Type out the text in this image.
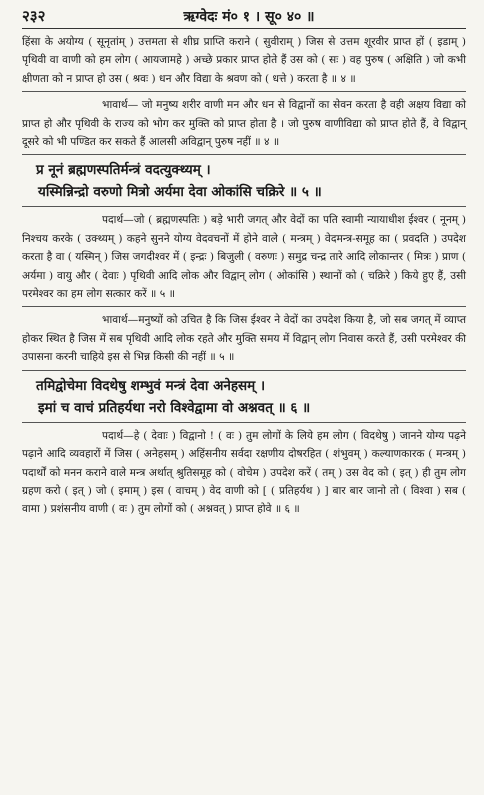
२३२	ऋग्वेदः मं० १ । सू० ४० ॥

हिंसा के अयोग्य ( सूनृतांम् ) उत्तमता से शीघ्र प्राप्ति कराने ( सुवीराम् ) जिस से उत्तम शूरवीर प्राप्त हों ( इडाम् ) पृथिवी वा वाणी को हम लोग ( आयजामहे ) अच्छे प्रकार प्राप्त होते हैं उस को ( सः ) वह पुरुष ( अक्षिति ) जो कभी क्षीणता को न प्राप्त हो उस ( श्रवः ) धन और विद्या के श्रवण को ( धत्ते ) करता है ॥ ४ ॥

भावार्थ— जो मनुष्य शरीर वाणी मन और धन से विद्वानों का सेवन करता है वही अक्षय विद्या को प्राप्त हो और पृथिवी के राज्य को भोग कर मुक्ति को प्राप्त होता है । जो पुरुष वाणीविद्या को प्राप्त होते हैं, वे विद्वान् दूसरे को भी पण्डित कर सकते हैं आलसी अविद्वान् पुरुष नहीं ॥ ४ ॥

प्र नूनं ब्रह्मणस्पतिर्मन्त्रं वदत्युक्थ्यम् ।

यस्मिन्निन्द्रो वरुणो मित्रो अर्यमा देवा ओकांसि चक्रिरे ॥ ५ ॥

पदार्थ—जो ( ब्रह्मणस्पतिः ) बड़े भारी जगत् और वेदों का पति स्वामी न्यायाधीश ईश्वर ( नूनम् ) निश्चय करके ( उक्थ्यम् ) कहने सुनने योग्य वेदवचनों में होने वाले ( मन्त्रम् ) वेदमन्त्र-समूह का ( प्रवदति ) उपदेश करता है वा ( यस्मिन् ) जिस जगदीश्वर में ( इन्द्रः ) बिजुली ( वरुणः ) समुद्र चन्द्र तारे आदि लोकान्तर ( मित्रः ) प्राण ( अर्यमा ) वायु और ( देवाः ) पृथिवी आदि लोक और विद्वान् लोग ( ओकांसि ) स्थानों को ( चक्रिरे ) किये हुए हैं, उसी परमेश्वर का हम लोग सत्कार करें ॥ ५ ॥

भावार्थ—मनुष्यों को उचित है कि जिस ईश्वर ने वेदों का उपदेश किया है, जो सब जगत् में व्याप्त होकर स्थित है जिस में सब पृथिवी आदि लोक रहते और मुक्ति समय में विद्वान् लोग निवास करते हैं, उसी परमेश्वर की उपासना करनी चाहिये इस से भिन्न किसी की नहीं ॥ ५ ॥

तमिद्वोचेमा विदथेषु शम्भुवं मन्त्रं देवा अनेहसम् ।

इमां च वाचं प्रतिहर्यथा नरो विश्वेद्वामा वो अश्नवत् ॥ ६ ॥

पदार्थ—हे ( देवाः ) विद्वानो ! ( वः ) तुम लोगों के लिये हम लोग ( विदथेषु ) जानने योग्य पढ़ने पढ़ाने आदि व्यवहारों में जिस ( अनेहसम् ) अहिंसनीय सर्वदा रक्षणीय दोषरहित ( शंभुवम् ) कल्याणकारक ( मन्त्रम् ) पदार्थों को मनन कराने वाले मन्त्र अर्थात् श्रुतिसमूह को ( वोचेम ) उपदेश करें ( तम् ) उस वेद को ( इत् ) ही तुम लोग ग्रहण करो ( इत् ) जो ( इमाम् ) इस ( वाचम् ) वेद वाणी को [ ( प्रतिहर्यथ ) ] बार बार जानो तो ( विश्वा ) सब ( वामा ) प्रशंसनीय वाणी ( वः ) तुम लोगों को ( अश्नवत् ) प्राप्त होवे ॥ ६ ॥
